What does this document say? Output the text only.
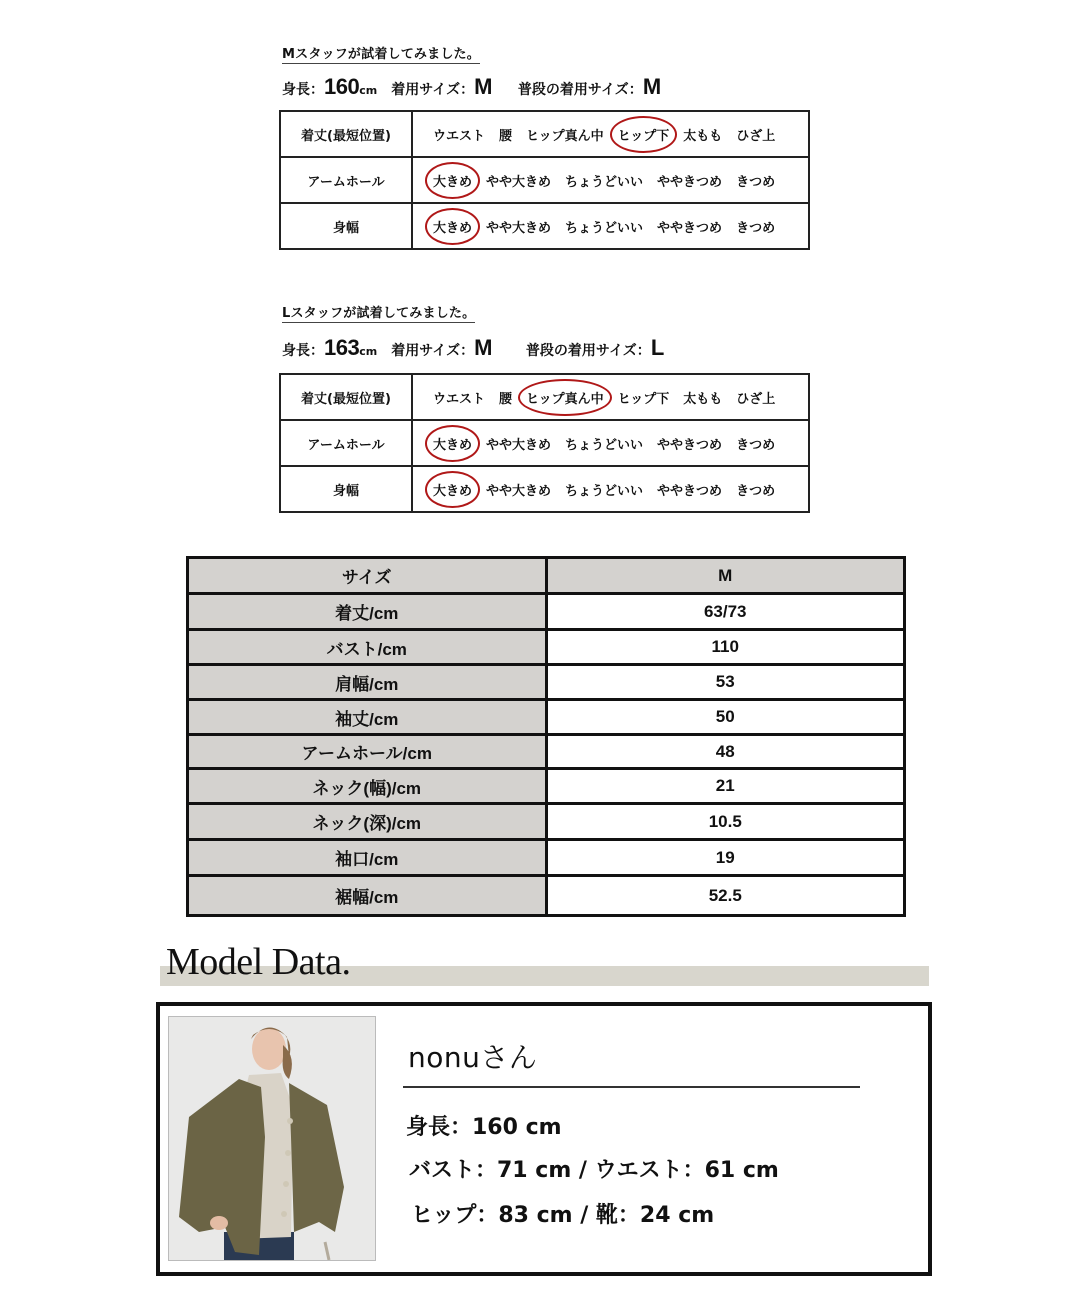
Mスタッフが試着してみました。
身長： 160 cm 着用サイズ： M 普段の着用サイズ： M
着丈(最短位置)	ウエスト 腰 ヒップ真ん中 ヒップ下 太もも ひざ上

アームホール	大きめ やや大きめ ちょうどいい ややきつめ きつめ

身幅	大きめ やや大きめ ちょうどいい ややきつめ きつめ
Lスタッフが試着してみました。
身長： 163 cm 着用サイズ： M 普段の着用サイズ： L
着丈(最短位置)	ウエスト 腰 ヒップ真ん中 ヒップ下 太もも ひざ上

アームホール	大きめ やや大きめ ちょうどいい ややきつめ きつめ

身幅	大きめ やや大きめ ちょうどいい ややきつめ きつめ
サイズ	M
着丈/cm	63/73
バスト/cm	110
肩幅/cm	53
袖丈/cm	50
アームホール/cm	48
ネック(幅)/cm	21
ネック(深)/cm	10.5
袖口/cm	19
裾幅/cm	52.5
Model Data.
nonuさん
身長：160 cm
バスト：71 cm / ウエスト：61 cm
ヒップ：83 cm / 靴：24 cm
